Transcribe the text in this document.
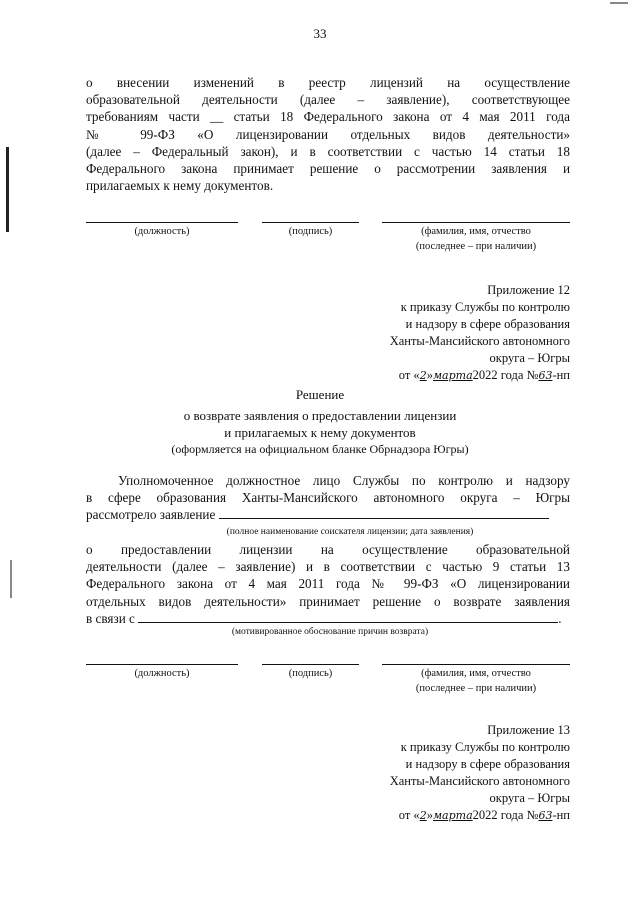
33
о внесении изменений в реестр лицензий на осуществление
образовательной деятельности (далее – заявление), соответствующее
требованиям части __ статьи 18 Федерального закона от 4 мая 2011 года
№ 99-ФЗ «О лицензировании отдельных видов деятельности»
(далее – Федеральный закон), и в соответствии с частью 14 статьи 18
Федерального закона принимает решение о рассмотрении заявления и
прилагаемых к нему документов.
(должность)	(подпись)	(фамилия, имя, отчество
(последнее – при наличии)
Приложение 12
к приказу Службы по контролю
и надзору в сфере образования
Ханты-Мансийского автономного
округа – Югры
от «2»марта2022 года №63-нп
Решение
о возврате заявления о предоставлении лицензии
и прилагаемых к нему документов
(оформляется на официальном бланке Обрнадзора Югры)
Уполномоченное должностное лицо Службы по контролю и надзору
в сфере образования Ханты-Мансийского автономного округа – Югры
рассмотрело заявление
(полное наименование соискателя лицензии; дата заявления)
о предоставлении лицензии на осуществление образовательной
деятельности (далее – заявление) и в соответствии с частью 9 статьи 13
Федерального закона от 4 мая 2011 года № 99-ФЗ «О лицензировании
отдельных видов деятельности» принимает решение о возврате заявления
в связи с	.
(мотивированное обоснование причин возврата)
(должность)	(подпись)	(фамилия, имя, отчество
(последнее – при наличии)
Приложение 13
к приказу Службы по контролю
и надзору в сфере образования
Ханты-Мансийского автономного
округа – Югры
от «2»марта2022 года №63-нп
